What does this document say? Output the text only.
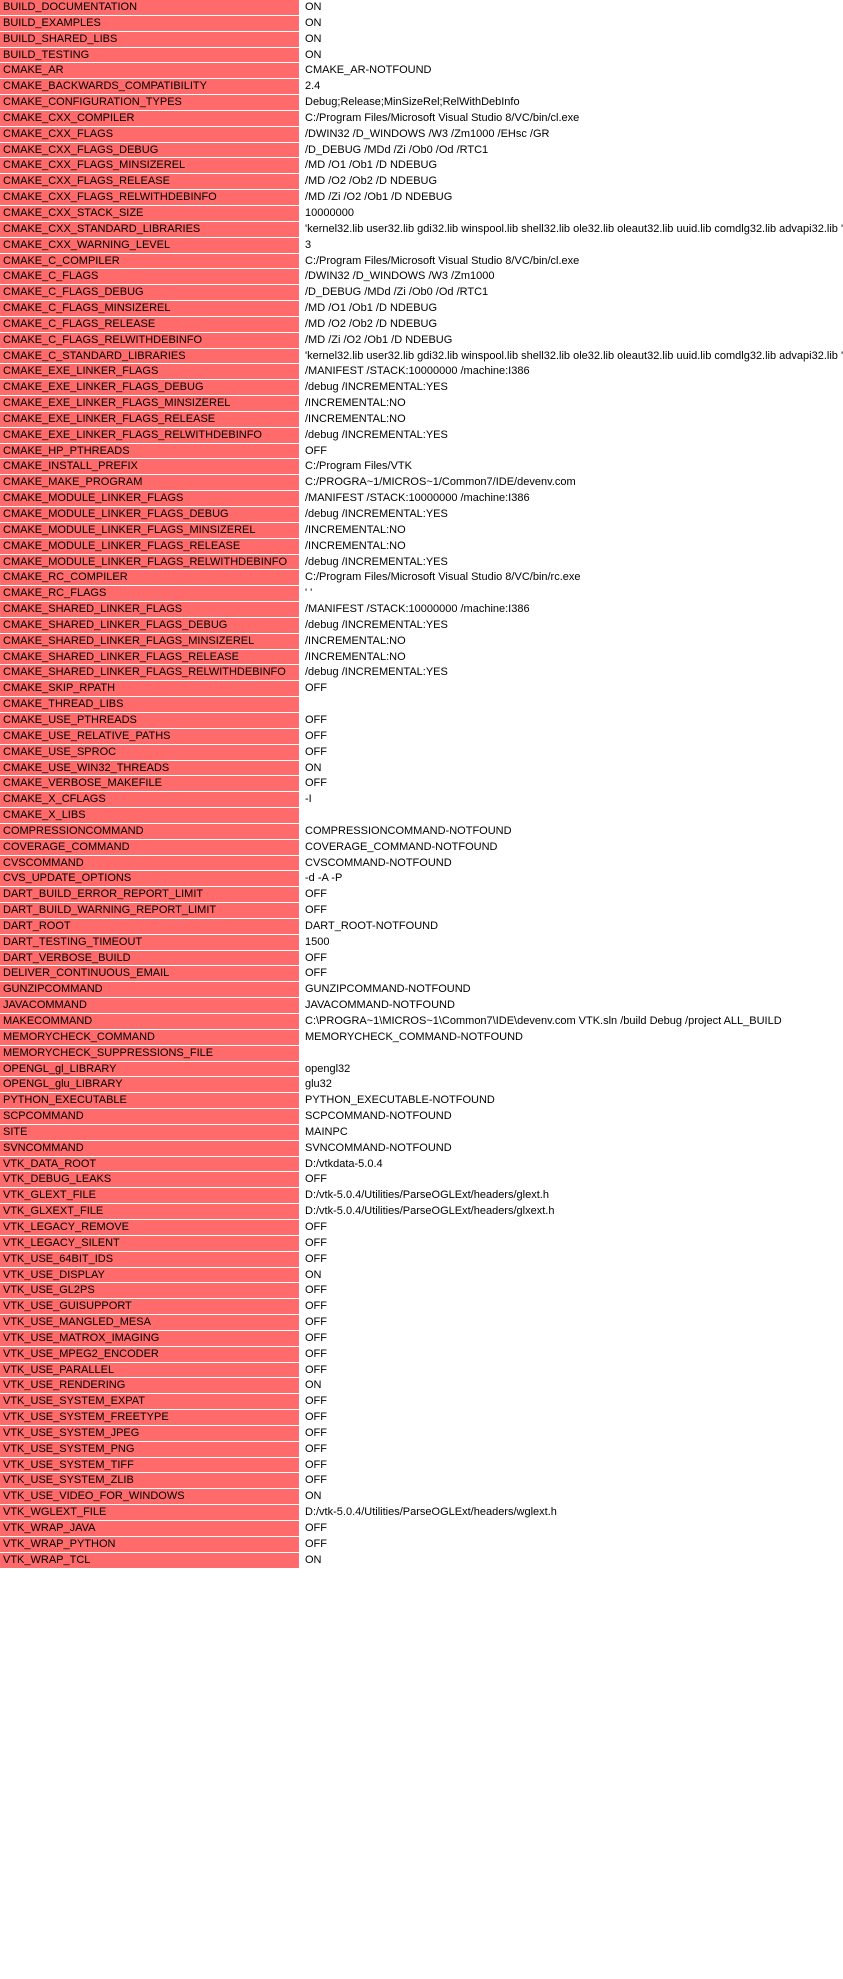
BUILD_DOCUMENTATION	ON
BUILD_EXAMPLES	ON
BUILD_SHARED_LIBS	ON
BUILD_TESTING	ON
CMAKE_AR	CMAKE_AR-NOTFOUND
CMAKE_BACKWARDS_COMPATIBILITY	2.4
CMAKE_CONFIGURATION_TYPES	Debug;Release;MinSizeRel;RelWithDebInfo
CMAKE_CXX_COMPILER	C:/Program Files/Microsoft Visual Studio 8/VC/bin/cl.exe
CMAKE_CXX_FLAGS	/DWIN32 /D_WINDOWS /W3 /Zm1000 /EHsc /GR
CMAKE_CXX_FLAGS_DEBUG	/D_DEBUG /MDd /Zi /Ob0 /Od /RTC1
CMAKE_CXX_FLAGS_MINSIZEREL	/MD /O1 /Ob1 /D NDEBUG
CMAKE_CXX_FLAGS_RELEASE	/MD /O2 /Ob2 /D NDEBUG
CMAKE_CXX_FLAGS_RELWITHDEBINFO	/MD /Zi /O2 /Ob1 /D NDEBUG
CMAKE_CXX_STACK_SIZE	10000000
CMAKE_CXX_STANDARD_LIBRARIES	'kernel32.lib user32.lib gdi32.lib winspool.lib shell32.lib ole32.lib oleaut32.lib uuid.lib comdlg32.lib advapi32.lib '
CMAKE_CXX_WARNING_LEVEL	3
CMAKE_C_COMPILER	C:/Program Files/Microsoft Visual Studio 8/VC/bin/cl.exe
CMAKE_C_FLAGS	/DWIN32 /D_WINDOWS /W3 /Zm1000
CMAKE_C_FLAGS_DEBUG	/D_DEBUG /MDd /Zi /Ob0 /Od /RTC1
CMAKE_C_FLAGS_MINSIZEREL	/MD /O1 /Ob1 /D NDEBUG
CMAKE_C_FLAGS_RELEASE	/MD /O2 /Ob2 /D NDEBUG
CMAKE_C_FLAGS_RELWITHDEBINFO	/MD /Zi /O2 /Ob1 /D NDEBUG
CMAKE_C_STANDARD_LIBRARIES	'kernel32.lib user32.lib gdi32.lib winspool.lib shell32.lib ole32.lib oleaut32.lib uuid.lib comdlg32.lib advapi32.lib '
CMAKE_EXE_LINKER_FLAGS	/MANIFEST /STACK:10000000 /machine:I386
CMAKE_EXE_LINKER_FLAGS_DEBUG	/debug /INCREMENTAL:YES
CMAKE_EXE_LINKER_FLAGS_MINSIZEREL	/INCREMENTAL:NO
CMAKE_EXE_LINKER_FLAGS_RELEASE	/INCREMENTAL:NO
CMAKE_EXE_LINKER_FLAGS_RELWITHDEBINFO	/debug /INCREMENTAL:YES
CMAKE_HP_PTHREADS	OFF
CMAKE_INSTALL_PREFIX	C:/Program Files/VTK
CMAKE_MAKE_PROGRAM	C:/PROGRA~1/MICROS~1/Common7/IDE/devenv.com
CMAKE_MODULE_LINKER_FLAGS	/MANIFEST /STACK:10000000 /machine:I386
CMAKE_MODULE_LINKER_FLAGS_DEBUG	/debug /INCREMENTAL:YES
CMAKE_MODULE_LINKER_FLAGS_MINSIZEREL	/INCREMENTAL:NO
CMAKE_MODULE_LINKER_FLAGS_RELEASE	/INCREMENTAL:NO
CMAKE_MODULE_LINKER_FLAGS_RELWITHDEBINFO	/debug /INCREMENTAL:YES
CMAKE_RC_COMPILER	C:/Program Files/Microsoft Visual Studio 8/VC/bin/rc.exe
CMAKE_RC_FLAGS	' '
CMAKE_SHARED_LINKER_FLAGS	/MANIFEST /STACK:10000000 /machine:I386
CMAKE_SHARED_LINKER_FLAGS_DEBUG	/debug /INCREMENTAL:YES
CMAKE_SHARED_LINKER_FLAGS_MINSIZEREL	/INCREMENTAL:NO
CMAKE_SHARED_LINKER_FLAGS_RELEASE	/INCREMENTAL:NO
CMAKE_SHARED_LINKER_FLAGS_RELWITHDEBINFO	/debug /INCREMENTAL:YES
CMAKE_SKIP_RPATH	OFF
CMAKE_THREAD_LIBS
CMAKE_USE_PTHREADS	OFF
CMAKE_USE_RELATIVE_PATHS	OFF
CMAKE_USE_SPROC	OFF
CMAKE_USE_WIN32_THREADS	ON
CMAKE_VERBOSE_MAKEFILE	OFF
CMAKE_X_CFLAGS	-I
CMAKE_X_LIBS
COMPRESSIONCOMMAND	COMPRESSIONCOMMAND-NOTFOUND
COVERAGE_COMMAND	COVERAGE_COMMAND-NOTFOUND
CVSCOMMAND	CVSCOMMAND-NOTFOUND
CVS_UPDATE_OPTIONS	-d -A -P
DART_BUILD_ERROR_REPORT_LIMIT	OFF
DART_BUILD_WARNING_REPORT_LIMIT	OFF
DART_ROOT	DART_ROOT-NOTFOUND
DART_TESTING_TIMEOUT	1500
DART_VERBOSE_BUILD	OFF
DELIVER_CONTINUOUS_EMAIL	OFF
GUNZIPCOMMAND	GUNZIPCOMMAND-NOTFOUND
JAVACOMMAND	JAVACOMMAND-NOTFOUND
MAKECOMMAND	C:\PROGRA~1\MICROS~1\Common7\IDE\devenv.com VTK.sln /build Debug /project ALL_BUILD
MEMORYCHECK_COMMAND	MEMORYCHECK_COMMAND-NOTFOUND
MEMORYCHECK_SUPPRESSIONS_FILE
OPENGL_gl_LIBRARY	opengl32
OPENGL_glu_LIBRARY	glu32
PYTHON_EXECUTABLE	PYTHON_EXECUTABLE-NOTFOUND
SCPCOMMAND	SCPCOMMAND-NOTFOUND
SITE	MAINPC
SVNCOMMAND	SVNCOMMAND-NOTFOUND
VTK_DATA_ROOT	D:/vtkdata-5.0.4
VTK_DEBUG_LEAKS	OFF
VTK_GLEXT_FILE	D:/vtk-5.0.4/Utilities/ParseOGLExt/headers/glext.h
VTK_GLXEXT_FILE	D:/vtk-5.0.4/Utilities/ParseOGLExt/headers/glxext.h
VTK_LEGACY_REMOVE	OFF
VTK_LEGACY_SILENT	OFF
VTK_USE_64BIT_IDS	OFF
VTK_USE_DISPLAY	ON
VTK_USE_GL2PS	OFF
VTK_USE_GUISUPPORT	OFF
VTK_USE_MANGLED_MESA	OFF
VTK_USE_MATROX_IMAGING	OFF
VTK_USE_MPEG2_ENCODER	OFF
VTK_USE_PARALLEL	OFF
VTK_USE_RENDERING	ON
VTK_USE_SYSTEM_EXPAT	OFF
VTK_USE_SYSTEM_FREETYPE	OFF
VTK_USE_SYSTEM_JPEG	OFF
VTK_USE_SYSTEM_PNG	OFF
VTK_USE_SYSTEM_TIFF	OFF
VTK_USE_SYSTEM_ZLIB	OFF
VTK_USE_VIDEO_FOR_WINDOWS	ON
VTK_WGLEXT_FILE	D:/vtk-5.0.4/Utilities/ParseOGLExt/headers/wglext.h
VTK_WRAP_JAVA	OFF
VTK_WRAP_PYTHON	OFF
VTK_WRAP_TCL	ON
